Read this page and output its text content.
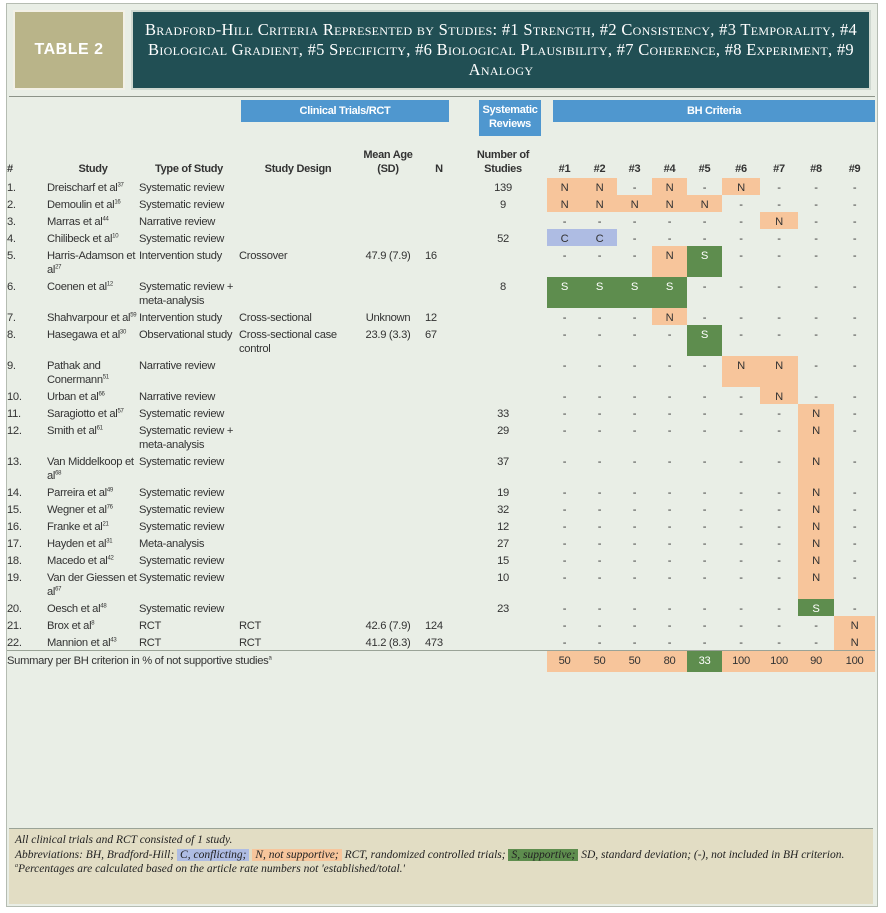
TABLE 2
Bradford-Hill Criteria Represented by Studies: #1 Strength, #2 Consistency, #3 Temporality, #4 Biological Gradient, #5 Specificity, #6 Biological Plausibility, #7 Coherence, #8 Experiment, #9 Analogy

			Clinical Trials/RCT			Systematic Reviews	BH Criteria								

#	Study	Type of Study	Study Design	Mean Age (SD)	N	Number of Studies	#1	#2	#3	#4	#5	#6	#7	#8	#9
1.	Dreischarf et $al^{37}$	Systematic review				139	N	N	-	N	-	N	-	-	-
2.	Demoulin et $al^{16}$	Systematic review				9	N	N	N	N	N	-	-	-	-
3.	Marras et $al^{44}$	Narrative review					-	-	-	-	-	-	N	-	-
4.	Chilibeck et $al^{10}$	Systematic review				52	C	C	-	-	-	-	-	-	-
5.	Harris-Adamson et $al^{27}$	Intervention study	Crossover	47.9 (7.9)	16		-	-	-	N	S	-	-	-	-
6.	Coenen et $al^{12}$	Systematic review + meta-analysis				8	S	S	S	S	-	-	-	-	-
7.	Shahvarpour et $al^{59}$	Intervention study	Cross-sectional	Unknown	12		-	-	-	N	-	-	-	-	-
8.	Hasegawa et $al^{30}$	Observational study	Cross-sectional case control	23.9 (3.3)	67		-	-	-	-	S	-	-	-	-
9.	Pathak and Conermann$^{51}$	Narrative review					-	-	-	-	-	N	N	-	-
10.	Urban et $al^{66}$	Narrative review					-	-	-	-	-	-	N	-	-
11.	Saragiotto et $al^{57}$	Systematic review				33	-	-	-	-	-	-	-	N	-
12.	Smith et $al^{61}$	Systematic review + meta-analysis				29	-	-	-	-	-	-	-	N	-
13.	Van Middelkoop et $al^{68}$	Systematic review				37	-	-	-	-	-	-	-	N	-
14.	Parreira et $al^{49}$	Systematic review				19	-	-	-	-	-	-	-	N	-
15.	Wegner et $al^{76}$	Systematic review				32	-	-	-	-	-	-	-	N	-
16.	Franke et $al^{21}$	Systematic review				12	-	-	-	-	-	-	-	N	-
17.	Hayden et $al^{31}$	Meta-analysis				27	-	-	-	-	-	-	-	N	-
18.	Macedo et $al^{42}$	Systematic review				15	-	-	-	-	-	-	-	N	-
19.	Van der Giessen et $al^{67}$	Systematic review				10	-	-	-	-	-	-	-	N	-
20.	Oesch et $al^{48}$	Systematic review				23	-	-	-	-	-	-	-	S	-
21.	Brox et $al^8$	RCT	RCT	42.6 (7.9)	124		-	-	-	-	-	-	-	-	N
22.	Mannion et $al^{43}$	RCT	RCT	41.2 (8.3)	473		-	-	-	-	-	-	-	-	N
Summary per BH criterion in % of not supportive studies$^a$							50	50	50	80	33	100	100	90	100
All clinical trials and RCT consisted of 1 study.
Abbreviations: BH, Bradford-Hill; C, conflicting; N, not supportive; RCT, randomized controlled trials; S, supportive; SD, standard deviation; (-), not included in BH criterion.
$^a$Percentages are calculated based on the article rate numbers not 'established/total.'
